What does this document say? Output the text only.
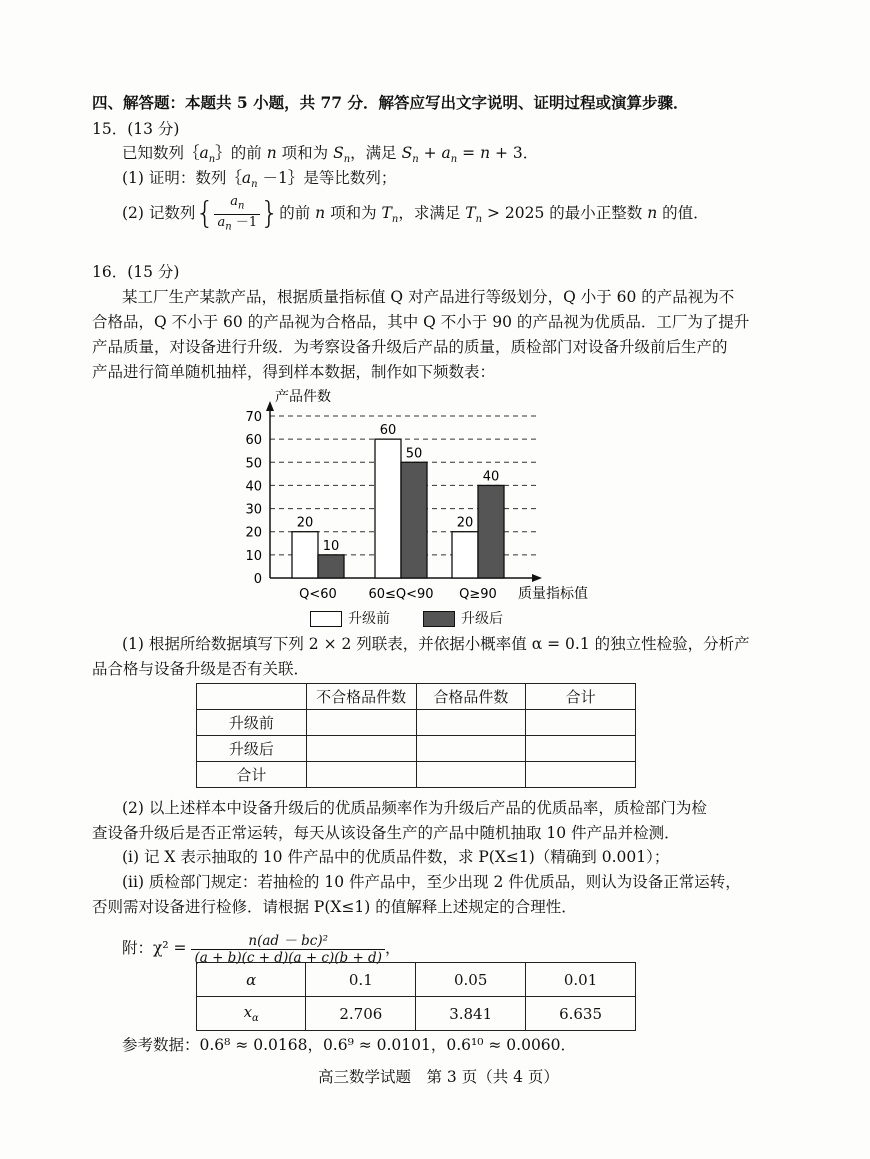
四、解答题：本题共 5 小题，共 77 分．解答应写出文字说明、证明过程或演算步骤．
15．(13 分)
已知数列$\{a_n\}$的前 n 项和为 $S_n$，满足 $S_n + a_n = n + 3$．
(1) 证明：数列$\{a_n$ －1｝是等比数列；
(2) 记数列{ $\frac{a_n}{a_n -1}$ }的前 n 项和为 $T_n$，求满足 $T_n > 2025$ 的最小正整数 n 的值．
16．(15 分)
某工厂生产某款产品，根据质量指标值 Q 对产品进行等级划分，Q 小于 60 的产品视为不
合格品，Q 不小于 60 的产品视为合格品，其中 Q 不小于 90 的产品视为优质品．工厂为了提升
产品质量，对设备进行升级．为考察设备升级后产品的质量，质检部门对设备升级前后生产的
产品进行简单随机抽样，得到样本数据，制作如下频数表：
0
10
20
30
40
50
60
70
产品件数
质量指标值
20
10
Q<60
60
50
60≤Q<90
20
40
Q≥90
升级前	升级后
(1) 根据所给数据填写下列 2 × 2 列联表，并依据小概率值 α = 0.1 的独立性检验，分析产
品合格与设备升级是否有关联．
	不合格品件数	合格品件数	合计
升级前			
升级后			
合计			
(2) 以上述样本中设备升级后的优质品频率作为升级后产品的优质品率，质检部门为检
查设备升级后是否正常运转，每天从该设备生产的产品中随机抽取 10 件产品并检测．
(i) 记 X 表示抽取的 10 件产品中的优质品件数，求 P(X≤1)（精确到 0.001）；
(ii) 质检部门规定：若抽检的 10 件产品中，至少出现 2 件优质品，则认为设备正常运转，
否则需对设备进行检修．请根据 P(X≤1) 的值解释上述规定的合理性．
附：$\chi^2 = \frac{\text{n(ad － bc)²}}{(a + b)(c + d)(a + c)(b + d)}$ ，
α	0.1	0.05	0.01
$x_\alpha$	2.706	3.841	6.635
参考数据：0.6⁸ ≈ 0.0168，0.6⁹ ≈ 0.0101，0.6¹⁰ ≈ 0.0060．
高三数学试题　第 3 页（共 4 页）
